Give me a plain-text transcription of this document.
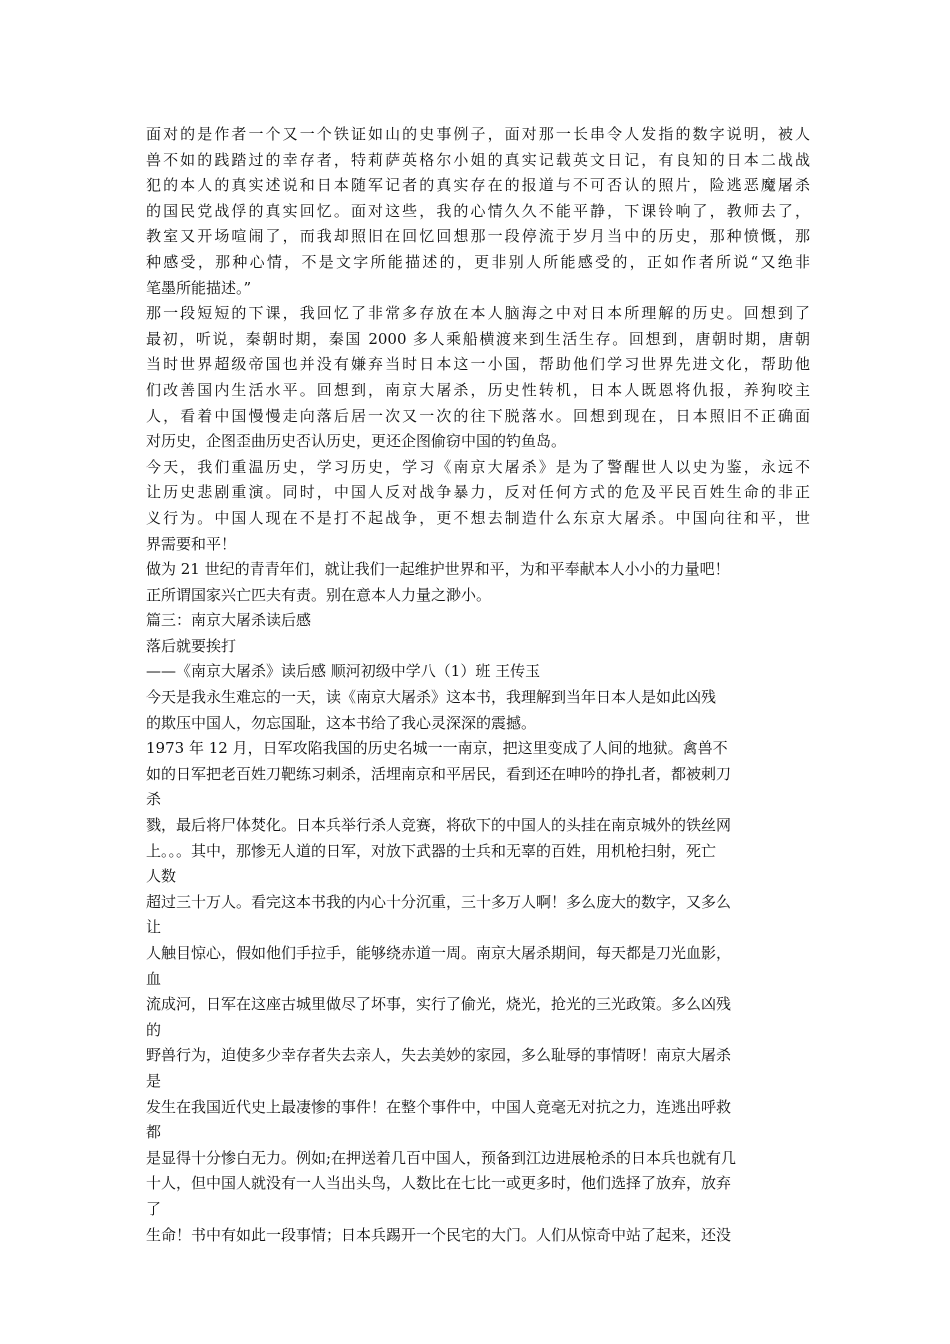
面对的是作者一个又一个铁证如山的史事例子，面对那一长串令人发指的数字说明，被人
兽不如的践踏过的幸存者，特莉萨英格尔小姐的真实记载英文日记，有良知的日本二战战
犯的本人的真实述说和日本随军记者的真实存在的报道与不可否认的照片，险逃恶魔屠杀
的国民党战俘的真实回忆。面对这些，我的心情久久不能平静，下课铃响了，教师去了，
教室又开场喧闹了，而我却照旧在回忆回想那一段停流于岁月当中的历史，那种愤慨，那
种感受，那种心情，不是文字所能描述的，更非别人所能感受的，正如作者所说“又绝非
笔墨所能描述。”
那一段短短的下课，我回忆了非常多存放在本人脑海之中对日本所理解的历史。回想到了
最初，听说，秦朝时期，秦国 2000 多人乘船横渡来到生活生存。回想到，唐朝时期，唐朝
当时世界超级帝国也并没有嫌弃当时日本这一小国，帮助他们学习世界先进文化，帮助他
们改善国内生活水平。回想到，南京大屠杀，历史性转机，日本人既恩将仇报，养狗咬主
人，看着中国慢慢走向落后居一次又一次的往下脱落水。回想到现在，日本照旧不正确面
对历史，企图歪曲历史否认历史，更还企图偷窃中国的钓鱼岛。
今天，我们重温历史，学习历史，学习《南京大屠杀》是为了警醒世人以史为鉴，永远不
让历史悲剧重演。同时，中国人反对战争暴力，反对任何方式的危及平民百姓生命的非正
义行为。中国人现在不是打不起战争，更不想去制造什么东京大屠杀。中国向往和平，世
界需要和平！
做为 21 世纪的青青年们，就让我们一起维护世界和平，为和平奉献本人小小的力量吧！
正所谓国家兴亡匹夫有责。别在意本人力量之渺小。
篇三：南京大屠杀读后感
落后就要挨打
——《南京大屠杀》读后感 顺河初级中学八（1）班 王传玉
今天是我永生难忘的一天，读《南京大屠杀》这本书，我理解到当年日本人是如此凶残
的欺压中国人，勿忘国耻，这本书给了我心灵深深的震撼。
1973 年 12 月，日军攻陷我国的历史名城一一南京，把这里变成了人间的地狱。禽兽不
如的日军把老百姓刀靶练习刺杀，活埋南京和平居民，看到还在呻吟的挣扎者，都被刺刀
杀
戮，最后将尸体焚化。日本兵举行杀人竞赛，将砍下的中国人的头挂在南京城外的铁丝网
上。。。其中，那惨无人道的日军，对放下武器的士兵和无辜的百姓，用机枪扫射，死亡
人数
超过三十万人。看完这本书我的内心十分沉重，三十多万人啊！多么庞大的数字，又多么
让
人触目惊心，假如他们手拉手，能够绕赤道一周。南京大屠杀期间，每天都是刀光血影，
血
流成河，日军在这座古城里做尽了坏事，实行了偷光，烧光，抢光的三光政策。多么凶残
的
野兽行为，迫使多少幸存者失去亲人，失去美妙的家园，多么耻辱的事情呀！南京大屠杀
是
发生在我国近代史上最凄惨的事件！在整个事件中，中国人竟毫无对抗之力，连逃出呼救
都
是显得十分惨白无力。例如;在押送着几百中国人，预备到江边进展枪杀的日本兵也就有几
十人，但中国人就没有一人当出头鸟，人数比在七比一或更多时，他们选择了放弃，放弃
了
生命！书中有如此一段事情；日本兵踢开一个民宅的大门。人们从惊奇中站了起来，还没
